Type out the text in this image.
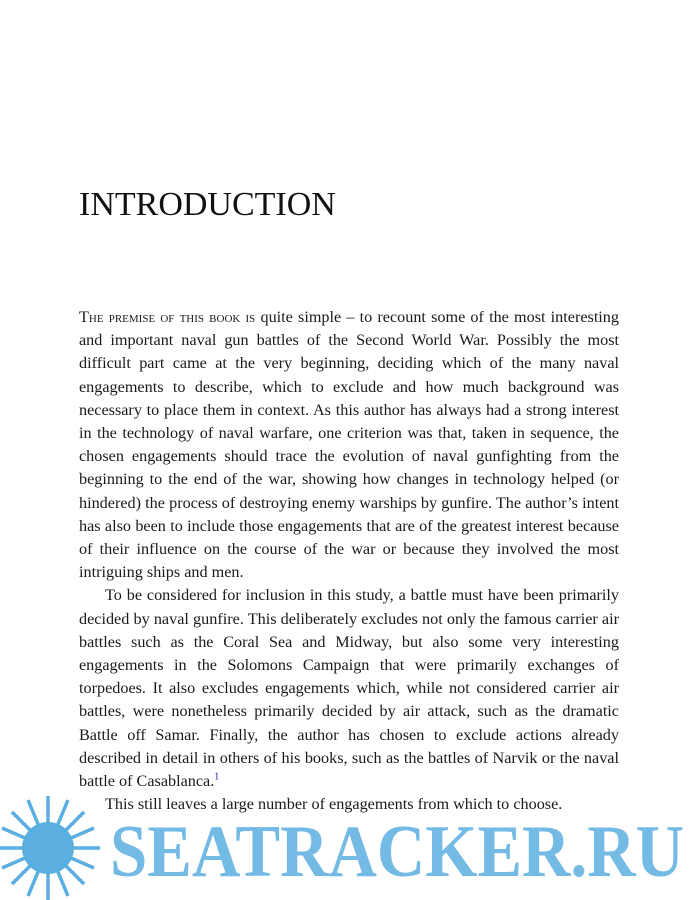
INTRODUCTION

The premise of this book is quite simple – to recount some of the most interesting and important naval gun battles of the Second World War. Possibly the most difficult part came at the very beginning, deciding which of the many naval engagements to describe, which to exclude and how much background was necessary to place them in context. As this author has always had a strong interest in the technology of naval warfare, one criterion was that, taken in sequence, the chosen engagements should trace the evolution of naval gunfighting from the beginning to the end of the war, showing how changes in technology helped (or hindered) the process of destroying enemy warships by gunfire. The author’s intent has also been to include those engagements that are of the greatest interest because of their influence on the course of the war or because they involved the most intriguing ships and men.

To be considered for inclusion in this study, a battle must have been primarily decided by naval gunfire. This deliberately excludes not only the famous carrier air battles such as the Coral Sea and Midway, but also some very interesting engagements in the Solomons Campaign that were primarily exchanges of torpedoes. It also excludes engagements which, while not considered carrier air battles, were nonetheless primarily decided by air attack, such as the dramatic Battle off Samar. Finally, the author has chosen to exclude actions already described in detail in others of his books, such as the battles of Narvik or the naval battle of Casablanca.$^1$

This still leaves a large number of engagements from which to choose.

SEATRACKER.RU
